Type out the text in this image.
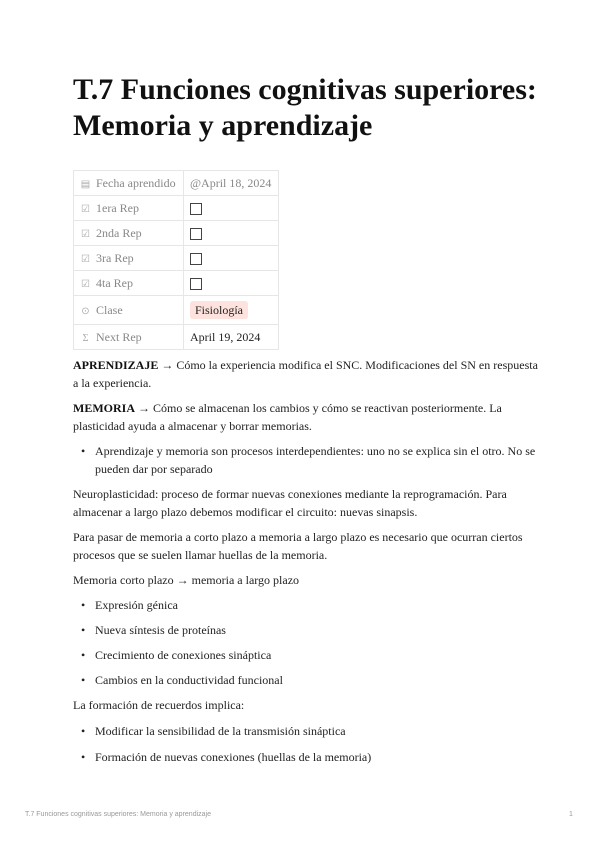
T.7 Funciones cognitivas superiores: Memoria y aprendizaje
▤ Fecha aprendido	@April 18, 2024
☑ 1era Rep	
☑ 2nda Rep	
☑ 3ra Rep	
☑ 4ta Rep	
⊙ Clase	Fisiología
Σ Next Rep	April 19, 2024
APRENDIZAJE → Cómo la experiencia modifica el SNC. Modificaciones del SN en respuesta a la experiencia.
MEMORIA → Cómo se almacenan los cambios y cómo se reactivan posteriormente. La plasticidad ayuda a almacenar y borrar memorias.
• Aprendizaje y memoria son procesos interdependientes: uno no se explica sin el otro. No se pueden dar por separado
Neuroplasticidad: proceso de formar nuevas conexiones mediante la reprogramación. Para almacenar a largo plazo debemos modificar el circuito: nuevas sinapsis.
Para pasar de memoria a corto plazo a memoria a largo plazo es necesario que ocurran ciertos procesos que se suelen llamar huellas de la memoria.
Memoria corto plazo → memoria a largo plazo
• Expresión génica
• Nueva síntesis de proteínas
• Crecimiento de conexiones sináptica
• Cambios en la conductividad funcional
La formación de recuerdos implica:
• Modificar la sensibilidad de la transmisión sináptica
• Formación de nuevas conexiones (huellas de la memoria)
T.7 Funciones cognitivas superiores: Memoria y aprendizaje	1
